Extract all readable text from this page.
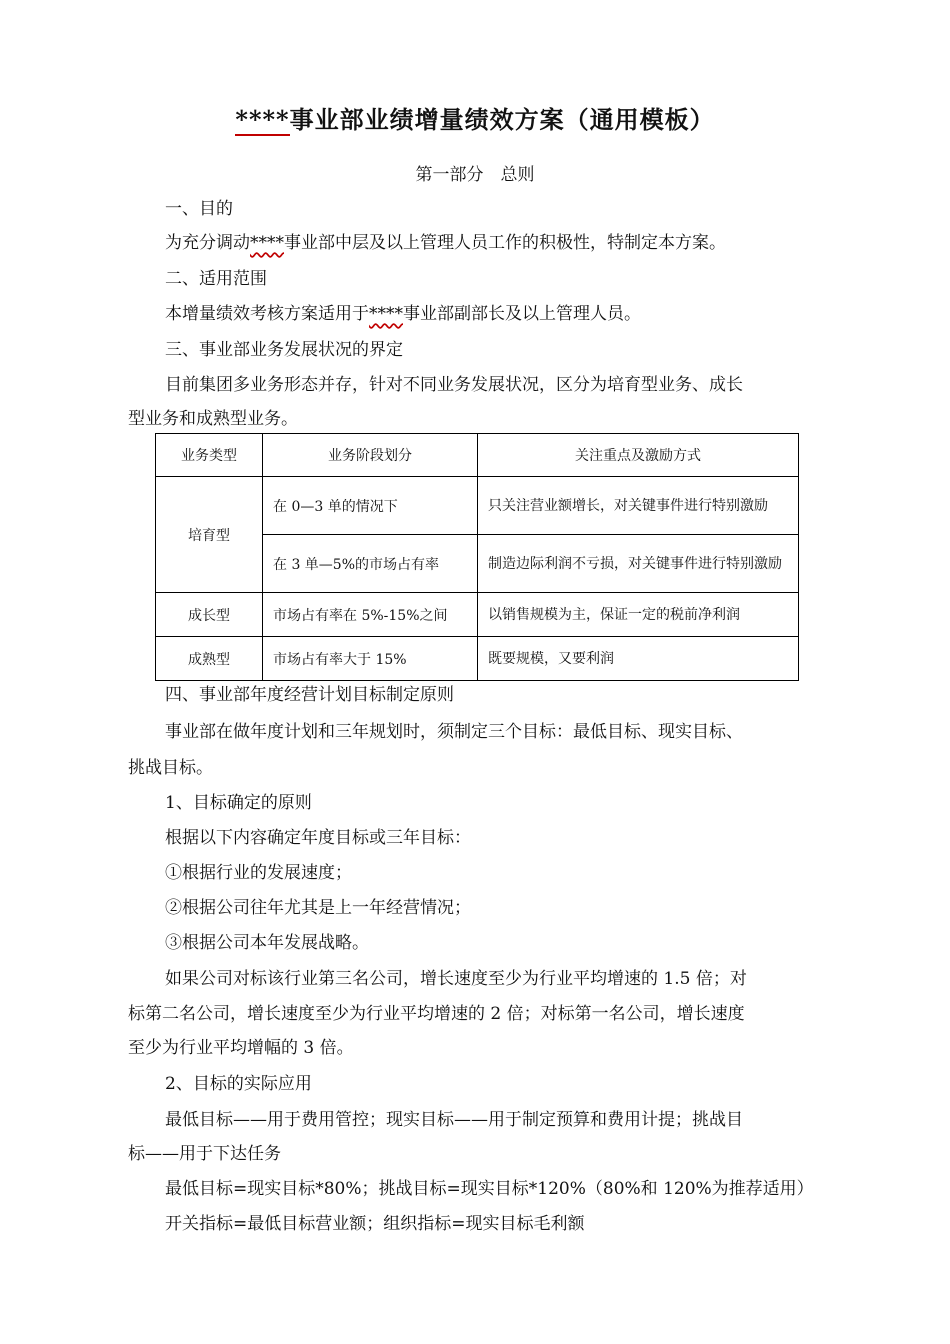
****事业部业绩增量绩效方案（通用模板）
第一部分　总则
一、目的
为充分调动****事业部中层及以上管理人员工作的积极性，特制定本方案。
二、适用范围
本增量绩效考核方案适用于****事业部副部长及以上管理人员。
三、事业部业务发展状况的界定
目前集团多业务形态并存，针对不同业务发展状况，区分为培育型业务、成长
型业务和成熟型业务。
业务类型	业务阶段划分	关注重点及激励方式
培育型	在 0—3 单的情况下	只关注营业额增长，对关键事件进行特别激励
	在 3 单—5%的市场占有率	制造边际利润不亏损，对关键事件进行特别激励
成长型	市场占有率在 5%-15%之间	以销售规模为主，保证一定的税前净利润
成熟型	市场占有率大于 15%	既要规模，又要利润
四、事业部年度经营计划目标制定原则
事业部在做年度计划和三年规划时，须制定三个目标：最低目标、现实目标、
挑战目标。
1、目标确定的原则
根据以下内容确定年度目标或三年目标：
①根据行业的发展速度；
②根据公司往年尤其是上一年经营情况；
③根据公司本年发展战略。
如果公司对标该行业第三名公司，增长速度至少为行业平均增速的 1.5 倍；对
标第二名公司，增长速度至少为行业平均增速的 2 倍；对标第一名公司，增长速度
至少为行业平均增幅的 3 倍。
2、目标的实际应用
最低目标——用于费用管控；现实目标——用于制定预算和费用计提；挑战目
标——用于下达任务
最低目标=现实目标*80%；挑战目标=现实目标*120%（80%和 120%为推荐适用）
开关指标=最低目标营业额；组织指标=现实目标毛利额
